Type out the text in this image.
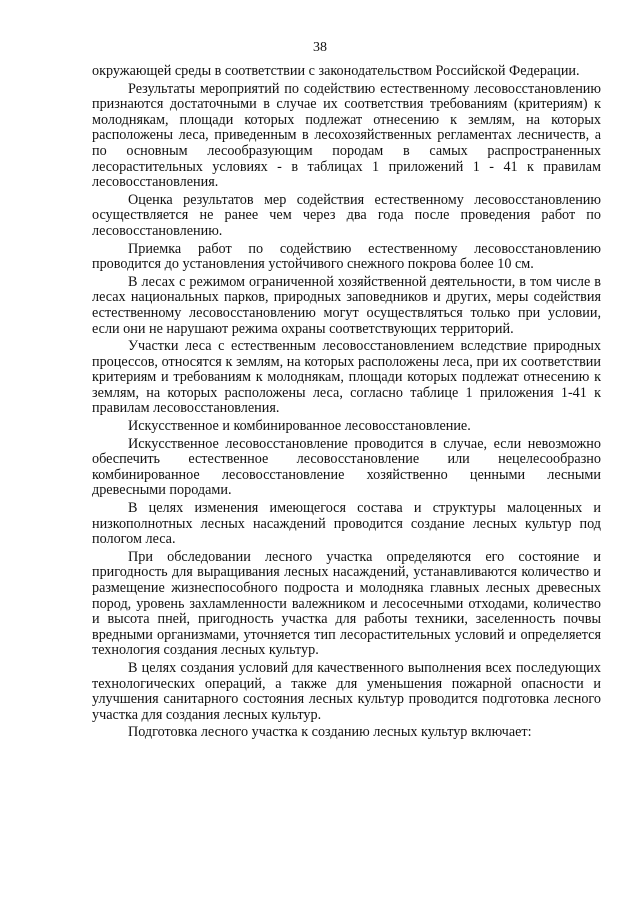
38

окружающей среды в соответствии с законодательством Российской Федерации.

Результаты мероприятий по содействию естественному лесовосстановлению признаются достаточными в случае их соответствия требованиям (критериям) к молоднякам, площади которых подлежат отнесению к землям, на которых расположены леса, приведенным в лесохозяйственных регламентах лесничеств, а по основным лесообразующим породам в самых распространенных лесорастительных условиях - в таблицах 1 приложений 1 - 41 к правилам лесовосстановления.

Оценка результатов мер содействия естественному лесовосстановлению осуществляется не ранее чем через два года после проведения работ по лесовосстановлению.

Приемка работ по содействию естественному лесовосстановлению проводится до установления устойчивого снежного покрова более 10 см.

В лесах с режимом ограниченной хозяйственной деятельности, в том числе в лесах национальных парков, природных заповедников и других, меры содействия естественному лесовосстановлению могут осуществляться только при условии, если они не нарушают режима охраны соответствующих территорий.

Участки леса с естественным лесовосстановлением вследствие природных процессов, относятся к землям, на которых расположены леса, при их соответствии критериям и требованиям к молоднякам, площади которых подлежат отнесению к землям, на которых расположены леса, согласно таблице 1 приложения 1-41 к правилам лесовосстановления.

Искусственное и комбинированное лесовосстановление.

Искусственное лесовосстановление проводится в случае, если невозможно обеспечить естественное лесовосстановление или нецелесообразно комбинированное лесовосстановление хозяйственно ценными лесными древесными породами.

В целях изменения имеющегося состава и структуры малоценных и низкополнотных лесных насаждений проводится создание лесных культур под пологом леса.

При обследовании лесного участка определяются его состояние и пригодность для выращивания лесных насаждений, устанавливаются количество и размещение жизнеспособного подроста и молодняка главных лесных древесных пород, уровень захламленности валежником и лесосечными отходами, количество и высота пней, пригодность участка для работы техники, заселенность почвы вредными организмами, уточняется тип лесорастительных условий и определяется технология создания лесных культур.

В целях создания условий для качественного выполнения всех последующих технологических операций, а также для уменьшения пожарной опасности и улучшения санитарного состояния лесных культур проводится подготовка лесного участка для создания лесных культур.

Подготовка лесного участка к созданию лесных культур включает:
